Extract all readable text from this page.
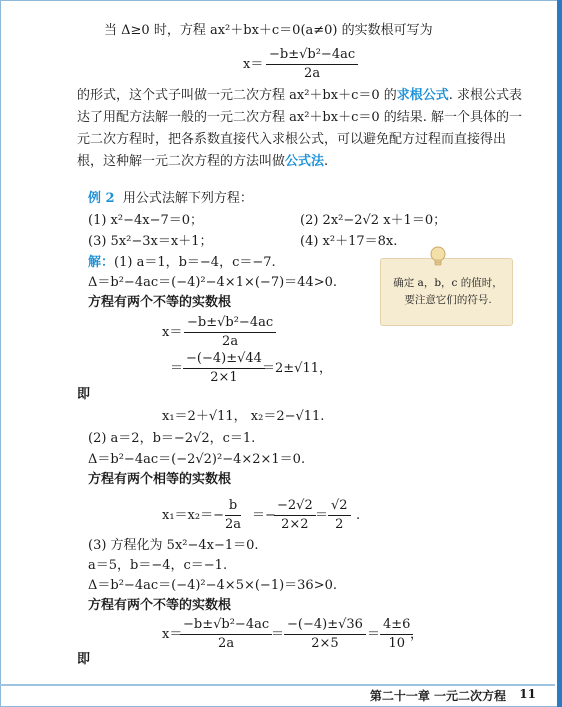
当 Δ≥0 时，方程 ax²＋bx＋c＝0(a≠0) 的实数根可写为
$x= \frac{\text{−b±√b²−4ac}}{2a}$
的形式，这个式子叫做一元二次方程 ax²＋bx＋c＝0 的求根公式. 求根公式表
达了用配方法解一般的一元二次方程 ax²＋bx＋c＝0 的结果. 解一个具体的一
元二次方程时，把各系数直接代入求根公式，可以避免配方过程而直接得出
根，这种解一元二次方程的方法叫做公式法.
例 2 用公式法解下列方程：
(1) x²−4x−7＝0；	(2) 2x²−2√2 x＋1＝0；
(3) 5x²−3x＝x＋1；	(4) x²＋17＝8x.
解：(1) a＝1，b＝−4，c＝−7.
Δ＝b²−4ac＝(−4)²−4×1×(−7)＝44>0.
方程有两个不等的实数根
$x= \frac{\text{−b±√b²−4ac}}{2a}$
＝ $\frac{-(-4)\pm√44}{2\times 1}$
＝2±√11，
即
x₁＝2＋√11， x₂＝2−√11.
(2) a＝2，b＝−2√2，c＝1.
Δ＝b²−4ac＝(−2√2)²−4×2×1＝0.
方程有两个相等的实数根
$x_1=x_2=- \frac{b}{2a}$ ＝−
$\frac{-2√2}{2\times 2} = \frac{√2}{2}$ .
(3) 方程化为 5x²−4x−1＝0.
a＝5，b＝−4，c＝−1.
Δ＝b²−4ac＝(−4)²−4×5×(−1)＝36>0.
方程有两个不等的实数根
x＝
$\frac{\text{−b±√b²−4ac}}{2a}$
＝ $\frac{-(-4)\pm√36}{2\times 5} = \frac{4\pm 6}{10}$
，
即
确定 a，b，c 的值时，要注意它们的符号.
第二十一章 一元二次方程 11
